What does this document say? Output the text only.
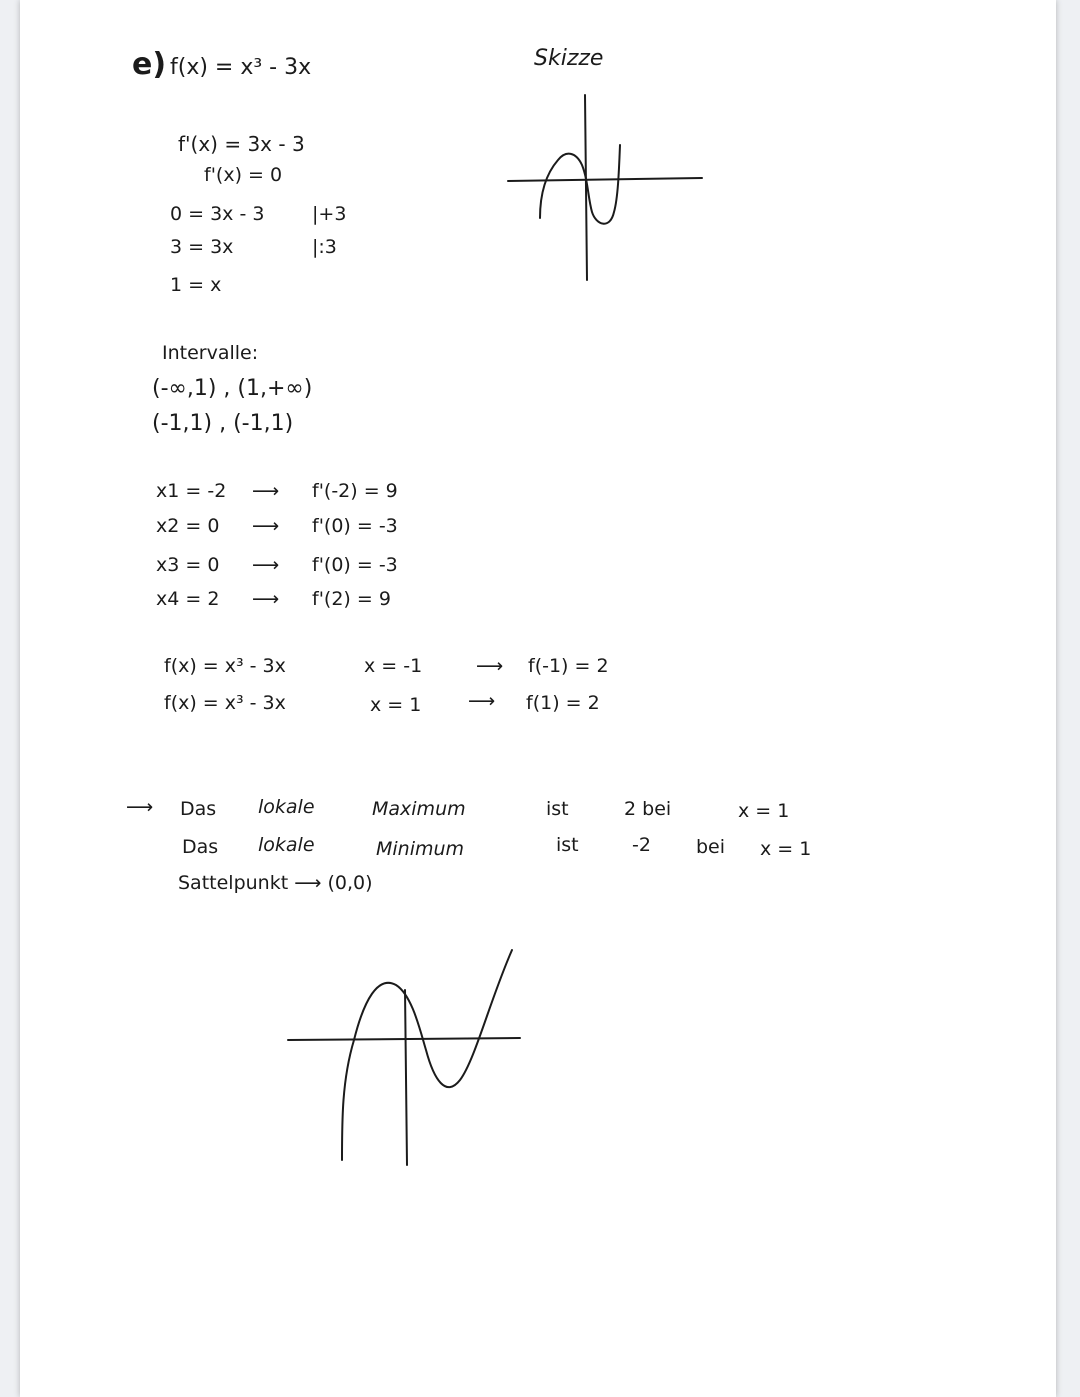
e) f(x) = x³ - 3x	Skizze

f'(x) = 3x - 3

f'(x) = 0

0 = 3x - 3	|+3

3 = 3x	|:3

1 = x

Intervalle:

(-∞,1) , (1,+∞)

(-1,1) , (-1,1)

x1 = -2 ⟶ f'(-2) = 9

x2 = 0 ⟶ f'(0) = -3

x3 = 0 ⟶ f'(0) = -3

x4 = 2 ⟶ f'(2) = 9

f(x) = x³ - 3x	x = -1	⟶ f(-1) = 2

f(x) = x³ - 3x	x = 1 ⟶ f(1) = 2

⟶ Das lokale	Maximum	ist	2 bei	x = 1

Das lokale	Minimum	ist	-2 bei x = 1

Sattelpunkt ⟶ (0,0)
